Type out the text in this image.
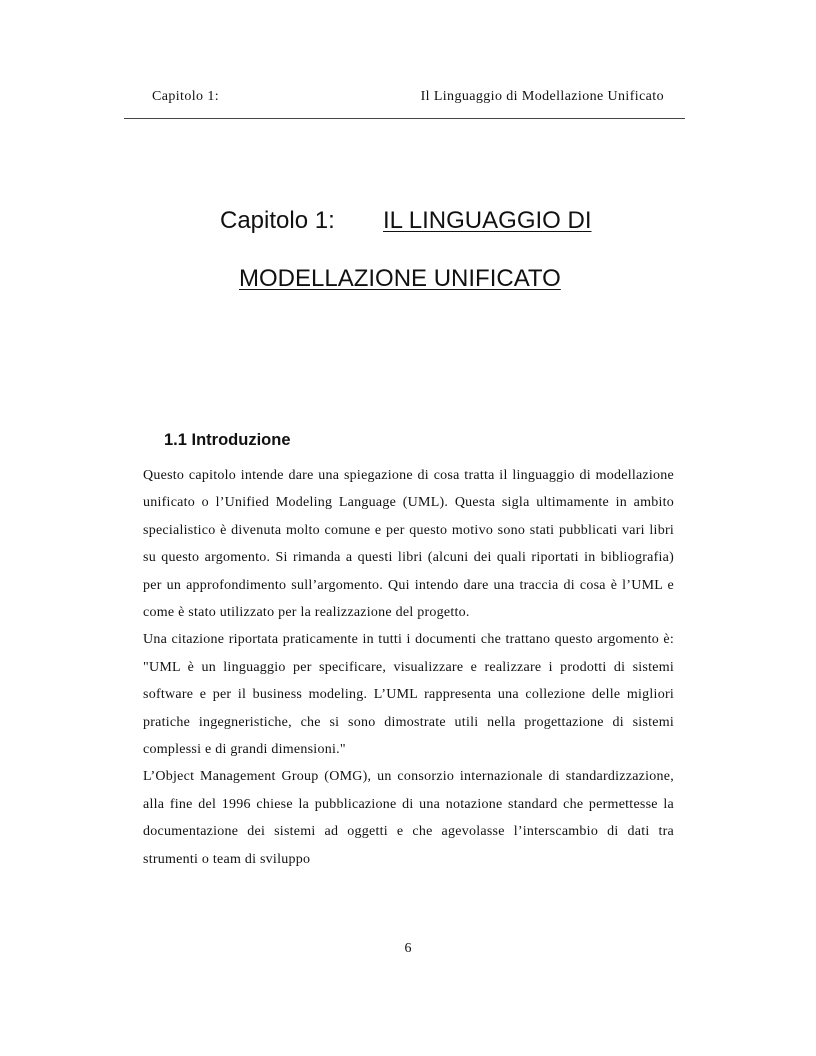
Capitolo 1:	Il Linguaggio di Modellazione Unificato
Capitolo 1: IL LINGUAGGIO DI
MODELLAZIONE UNIFICATO
1.1 Introduzione

Questo capitolo intende dare una spiegazione di cosa tratta il linguaggio di modellazione unificato o l’Unified Modeling Language (UML). Questa sigla ultimamente in ambito specialistico è divenuta molto comune e per questo motivo sono stati pubblicati vari libri su questo argomento. Si rimanda a questi libri (alcuni dei quali riportati in bibliografia) per un approfondimento sull’argomento. Qui intendo dare una traccia di cosa è l’UML e come è stato utilizzato per la realizzazione del progetto.

Una citazione riportata praticamente in tutti i documenti che trattano questo argomento è: "UML è un linguaggio per specificare, visualizzare e realizzare i prodotti di sistemi software e per il business modeling. L’UML rappresenta una collezione delle migliori pratiche ingegneristiche, che si sono dimostrate utili nella progettazione di sistemi complessi e di grandi dimensioni."

L’Object Management Group (OMG), un consorzio internazionale di standardizzazione, alla fine del 1996 chiese la pubblicazione di una notazione standard che permettesse la documentazione dei sistemi ad oggetti e che agevolasse l’interscambio di dati tra strumenti o team di sviluppo

6
